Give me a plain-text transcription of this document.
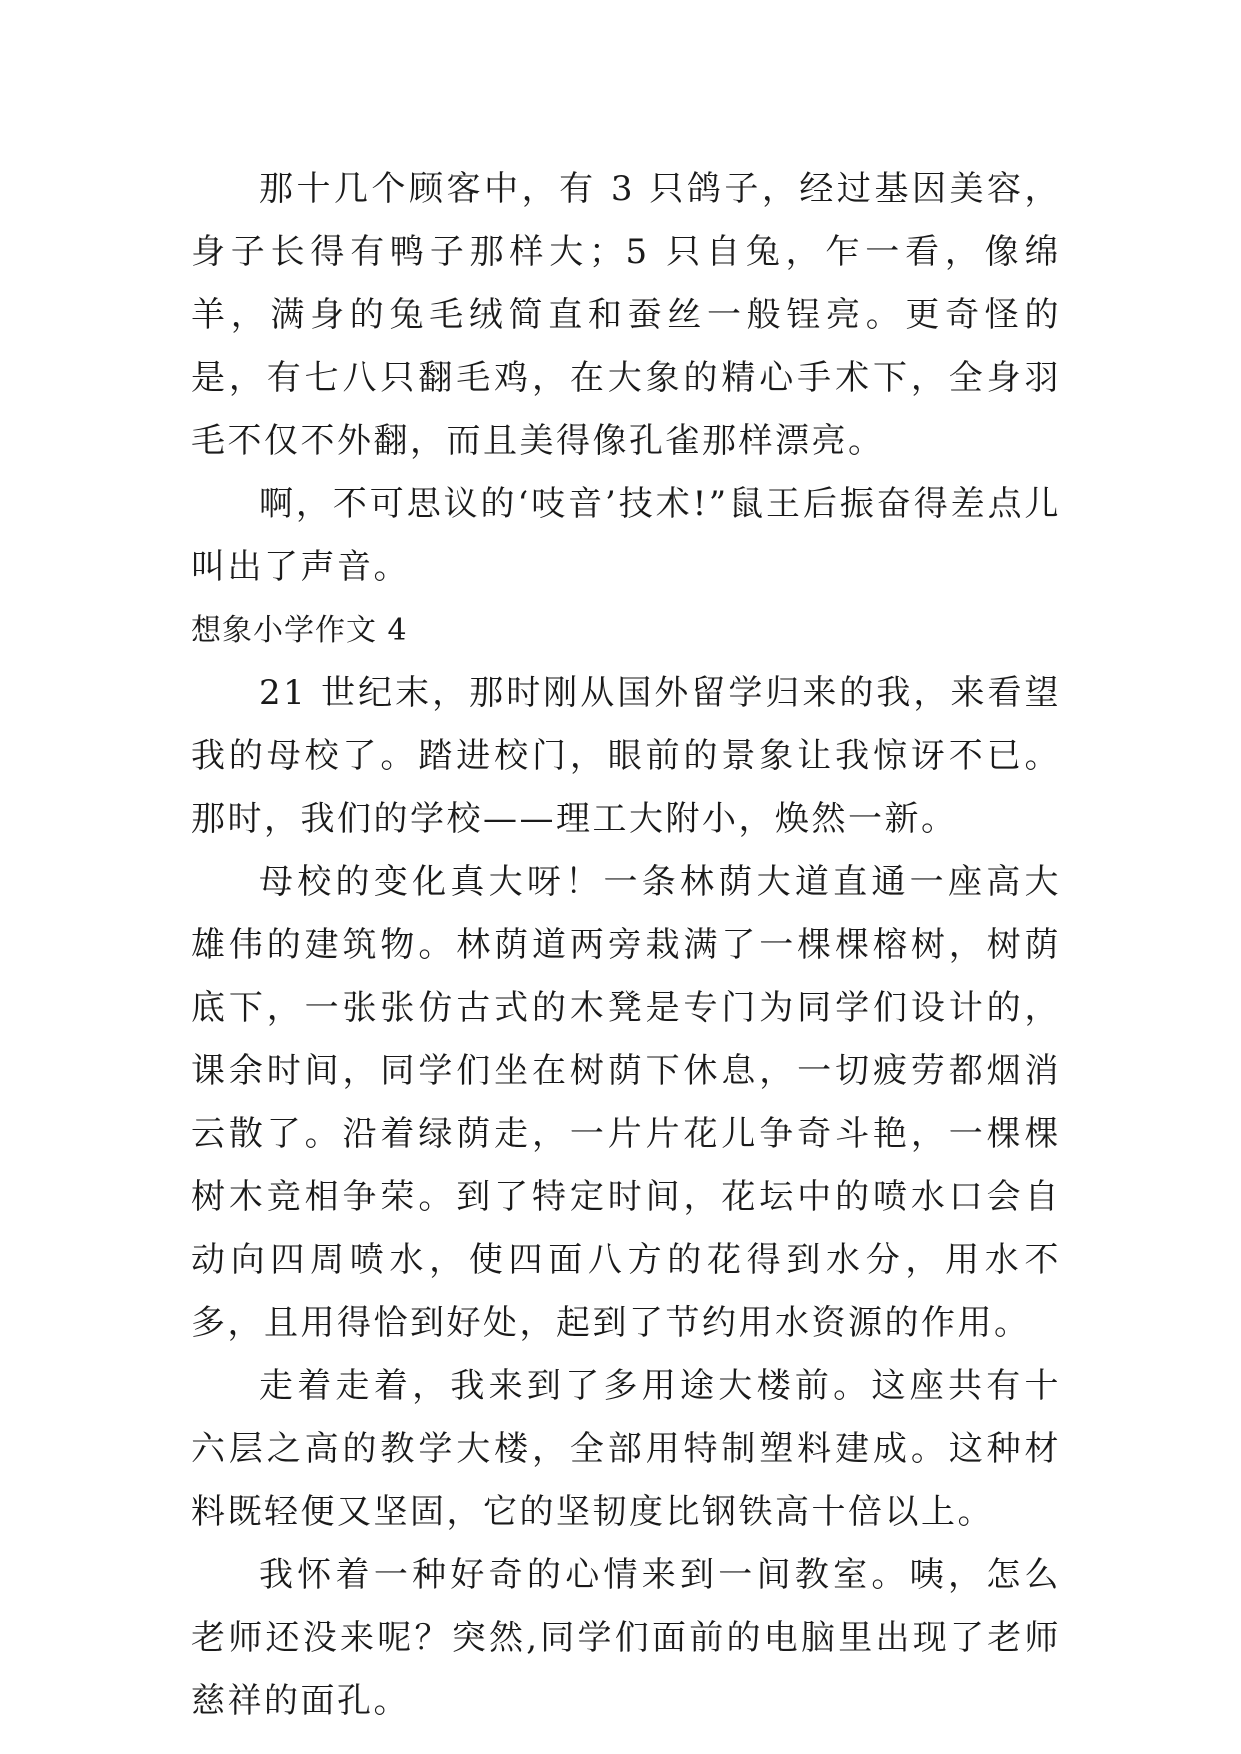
那十几个顾客中，有 3 只鸽子，经过基因美容，身子长得有鸭子那样大；5 只自兔，乍一看，像绵羊，满身的兔毛绒简直和蚕丝一般锃亮。更奇怪的是，有七八只翻毛鸡，在大象的精心手术下，全身羽毛不仅不外翻，而且美得像孔雀那样漂亮。

啊，不可思议的‘吱音’技术!”鼠王后振奋得差点儿叫出了声音。

想象小学作文 4

21 世纪末，那时刚从国外留学归来的我，来看望我的母校了。踏进校门，眼前的景象让我惊讶不已。那时，我们的学校——理工大附小，焕然一新。

母校的变化真大呀！一条林荫大道直通一座高大雄伟的建筑物。林荫道两旁栽满了一棵棵榕树，树荫底下，一张张仿古式的木凳是专门为同学们设计的，课余时间，同学们坐在树荫下休息，一切疲劳都烟消云散了。沿着绿荫走，一片片花儿争奇斗艳，一棵棵树木竞相争荣。到了特定时间，花坛中的喷水口会自动向四周喷水，使四面八方的花得到水分，用水不多，且用得恰到好处，起到了节约用水资源的作用。

走着走着，我来到了多用途大楼前。这座共有十六层之高的教学大楼，全部用特制塑料建成。这种材料既轻便又坚固，它的坚韧度比钢铁高十倍以上。

我怀着一种好奇的心情来到一间教室。咦，怎么老师还没来呢？突然,同学们面前的电脑里出现了老师慈祥的面孔。
